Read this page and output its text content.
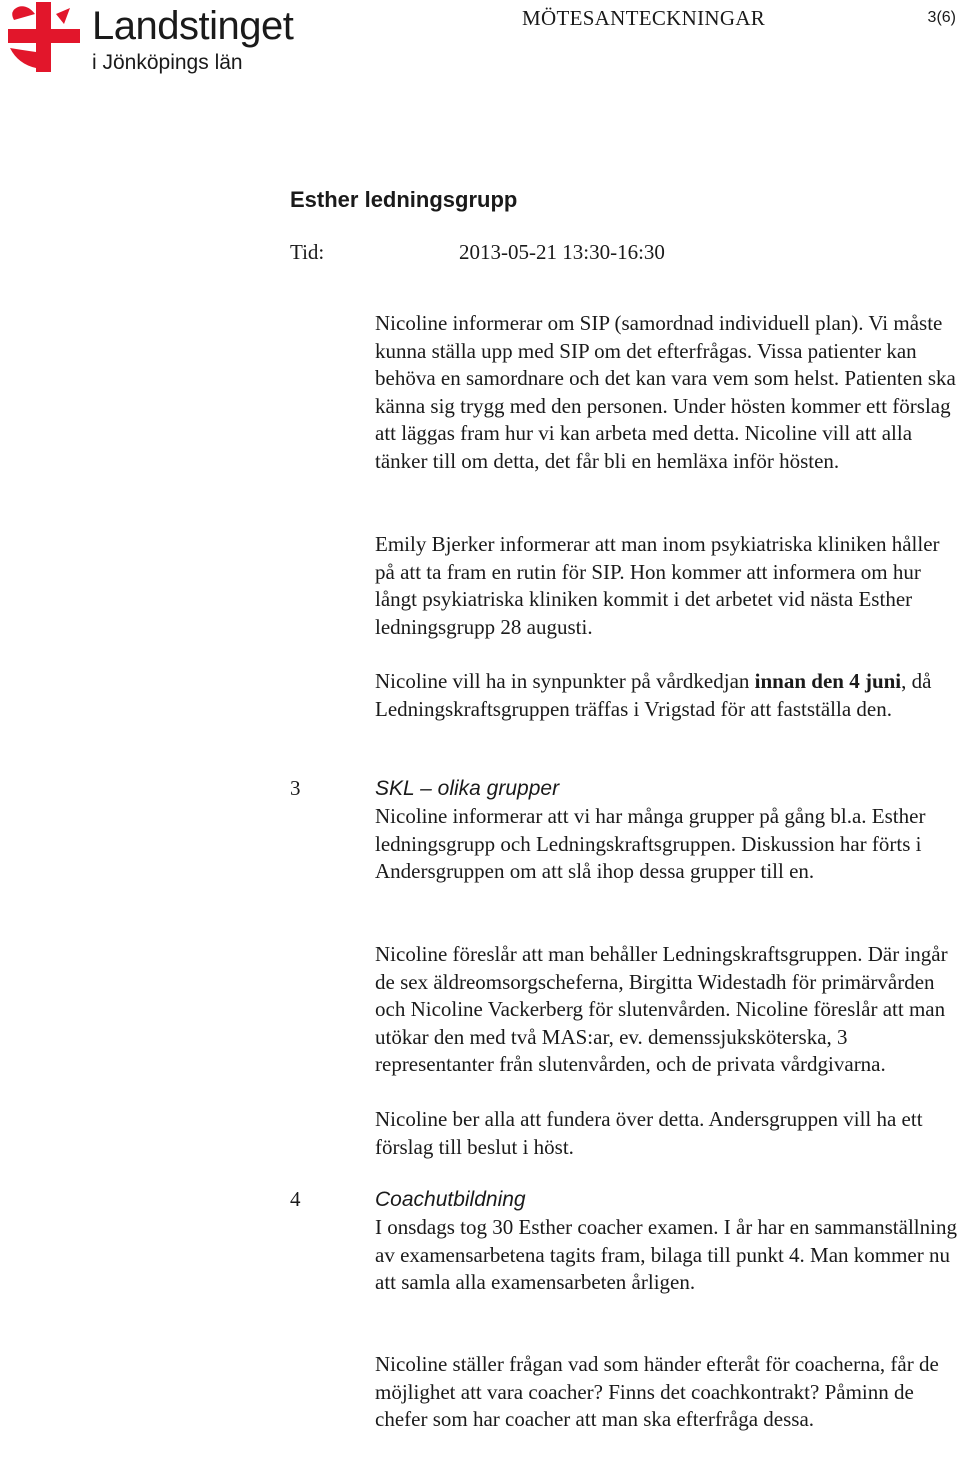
Landstinget
i Jönköpings län
MÖTESANTECKNINGAR	3(6)
Esther ledningsgrupp
Tid:	2013-05-21 13:30-16:30

Nicoline informerar om SIP (samordnad individuell plan). Vi måste kunna ställa upp med SIP om det efterfrågas. Vissa patienter kan behöva en samordnare och det kan vara vem som helst. Patienten ska känna sig trygg med den personen. Under hösten kommer ett förslag att läggas fram hur vi kan arbeta med detta. Nicoline vill att alla tänker till om detta, det får bli en hemläxa inför hösten.

Emily Bjerker informerar att man inom psykiatriska kliniken håller på att ta fram en rutin för SIP. Hon kommer att informera om hur långt psykiatriska kliniken kommit i det arbetet vid nästa Esther ledningsgrupp 28 augusti.

Nicoline vill ha in synpunkter på vårdkedjan innan den 4 juni, då Ledningskraftsgruppen träffas i Vrigstad för att fastställa den.

3	SKL – olika grupper

Nicoline informerar att vi har många grupper på gång bl.a. Esther ledningsgrupp och Ledningskraftsgruppen. Diskussion har förts i Andersgruppen om att slå ihop dessa grupper till en.

Nicoline föreslår att man behåller Ledningskraftsgruppen. Där ingår de sex äldreomsorgscheferna, Birgitta Widestadh för primärvården och Nicoline Vackerberg för slutenvården. Nicoline föreslår att man utökar den med två MAS:ar, ev. demenssjuksköterska, 3 representanter från slutenvården, och de privata vårdgivarna.

Nicoline ber alla att fundera över detta. Andersgruppen vill ha ett förslag till beslut i höst.

4	Coachutbildning

I onsdags tog 30 Esther coacher examen. I år har en sammanställning av examensarbetena tagits fram, bilaga till punkt 4. Man kommer nu att samla alla examensarbeten årligen.

Nicoline ställer frågan vad som händer efteråt för coacherna, får de möjlighet att vara coacher? Finns det coachkontrakt? Påminn de chefer som har coacher att man ska efterfråga dessa.
